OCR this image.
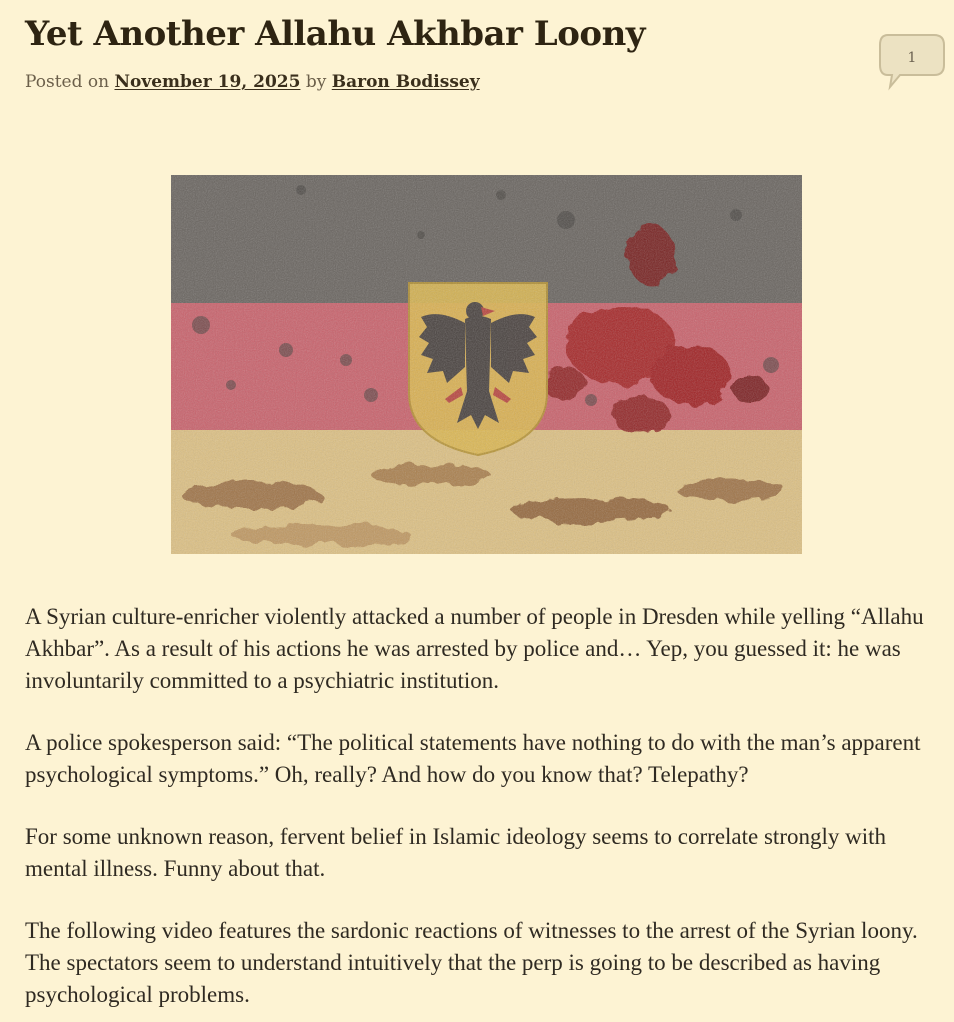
Yet Another Allahu Akhbar Loony
Posted on November 19, 2025 by Baron Bodissey
1

A Syrian culture-enricher violently attacked a number of people in Dresden while yelling “Allahu Akhbar”. As a result of his actions he was arrested by police and… Yep, you guessed it: he was involuntarily committed to a psychiatric institution.

A police spokesperson said: “The political statements have nothing to do with the man’s apparent psychological symptoms.” Oh, really? And how do you know that? Telepathy?

For some unknown reason, fervent belief in Islamic ideology seems to correlate strongly with mental illness. Funny about that.

The following video features the sardonic reactions of witnesses to the arrest of the Syrian loony. The spectators seem to understand intuitively that the perp is going to be described as having psychological problems.
